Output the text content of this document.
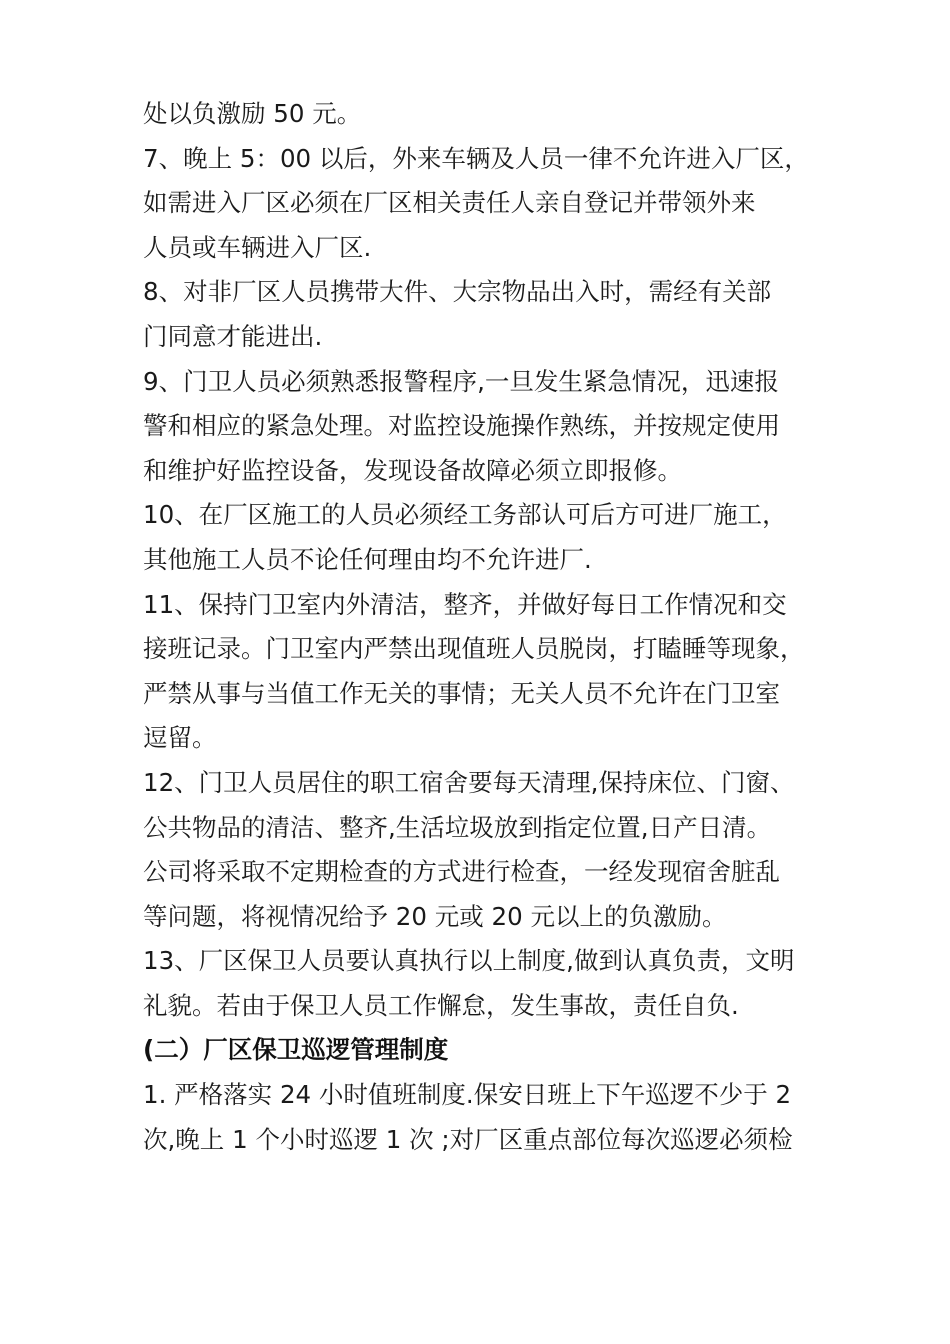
处以负激励 50 元。
7、晚上 5：00 以后，外来车辆及人员一律不允许进入厂区，
如需进入厂区必须在厂区相关责任人亲自登记并带领外来
人员或车辆进入厂区.
8、对非厂区人员携带大件、大宗物品出入时，需经有关部
门同意才能进出.
9、门卫人员必须熟悉报警程序,一旦发生紧急情况，迅速报
警和相应的紧急处理。对监控设施操作熟练，并按规定使用
和维护好监控设备，发现设备故障必须立即报修。
10、在厂区施工的人员必须经工务部认可后方可进厂施工，
其他施工人员不论任何理由均不允许进厂.
11、保持门卫室内外清洁，整齐，并做好每日工作情况和交
接班记录。门卫室内严禁出现值班人员脱岗，打瞌睡等现象，
严禁从事与当值工作无关的事情；无关人员不允许在门卫室
逗留。
12、门卫人员居住的职工宿舍要每天清理,保持床位、门窗、
公共物品的清洁、整齐,生活垃圾放到指定位置,日产日清。
公司将采取不定期检查的方式进行检查，一经发现宿舍脏乱
等问题，将视情况给予 20 元或 20 元以上的负激励。
13、厂区保卫人员要认真执行以上制度,做到认真负责，文明
礼貌。若由于保卫人员工作懈怠，发生事故，责任自负.
(二）厂区保卫巡逻管理制度
1. 严格落实 24 小时值班制度.保安日班上下午巡逻不少于 2
次,晚上 1 个小时巡逻 1 次 ;对厂区重点部位每次巡逻必须检
